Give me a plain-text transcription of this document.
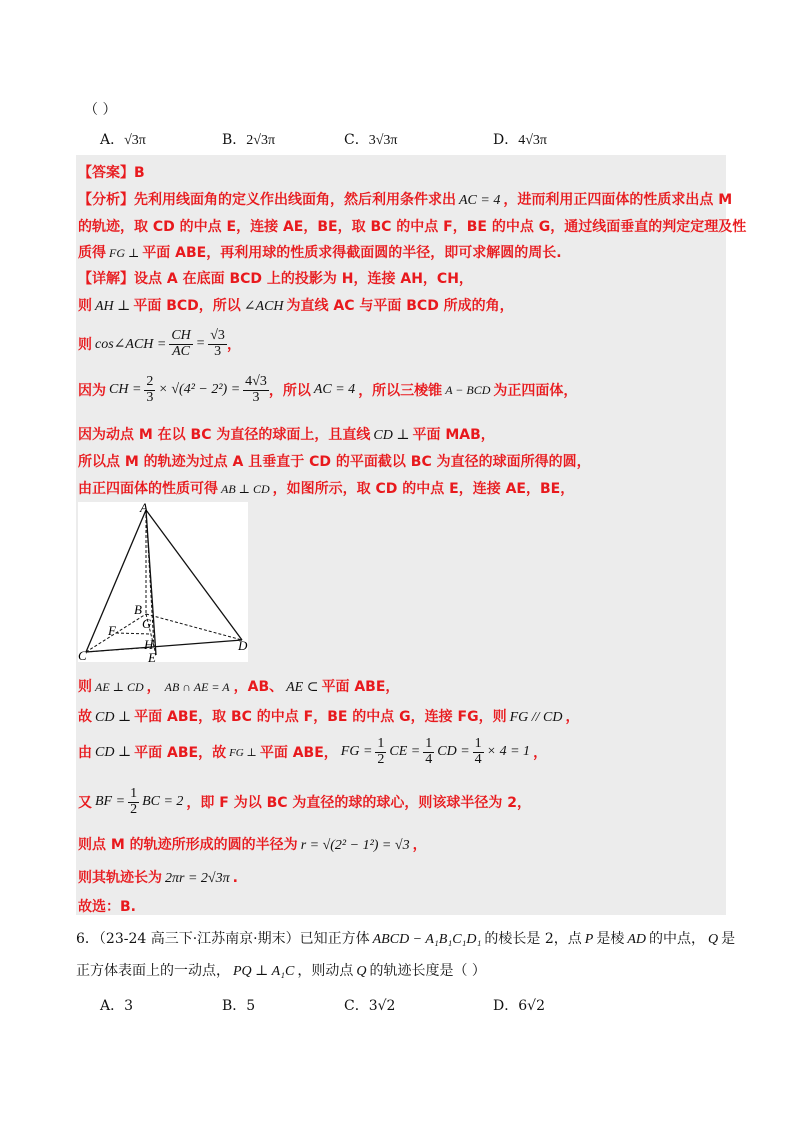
（ ）
A．√3π	B．2√3π	C．3√3π	D．4√3π
【答案】B
【分析】先利用线面角的定义作出线面角，然后利用条件求出 AC = 4 ，进而利用正四面体的性质求出点 M
的轨迹，取 CD 的中点 E，连接 AE，BE，取 BC 的中点 F，BE 的中点 G，通过线面垂直的判定定理及性
质得 FG ⊥ 平面 ABE，再利用球的性质求得截面圆的半径，即可求解圆的周长.
【详解】设点 A 在底面 BCD 上的投影为 H，连接 AH，CH，
则 AH ⊥ 平面 BCD，所以 ∠ACH 为直线 AC 与平面 BCD 所成的角，
则 cos∠ACH = $\frac{CH}{AC} = \frac{√3}{3}$ ，
因为 CH = $\frac{2}{3} \times √(4^2 - 2^2) = \frac{4√3}{3}$ ，所以 AC = 4 ，所以三棱锥 A − BCD 为正四面体，
因为动点 M 在以 BC 为直径的球面上，且直线 CD ⊥ 平面 MAB，
所以点 M 的轨迹为过点 A 且垂直于 CD 的平面截以 BC 为直径的球面所得的圆，
由正四面体的性质可得 AB ⊥ CD ，如图所示，取 CD 的中点 E，连接 AE，BE，
A
B
C
D
E
F G
H
则 AE ⊥ CD ， AB ∩ AE = A ，AB、 AE ⊂ 平面 ABE，
故 CD ⊥ 平面 ABE，取 BC 的中点 F，BE 的中点 G，连接 FG，则 FG // CD ，
由 CD ⊥ 平面 ABE，故 FG ⊥ 平面 ABE， FG = $\frac{1}{2}$ CE = $\frac{1}{4}$ CD = $\frac{1}{4} \times 4 = 1$ ，
又 BF = $\frac{1}{2}$ BC = 2 ，即 F 为以 BC 为直径的球的球心，则该球半径为 2，
则点 M 的轨迹所形成的圆的半径为 r = √(2² − 1²) = √3 ，
则其轨迹长为 2πr = 2√3π .
故选：B.
6．（23-24 高三下·江苏南京·期末）已知正方体 ABCD − A₁B₁C₁D₁ 的棱长是 2，点 P 是棱 AD 的中点， Q 是
正方体表面上的一动点， PQ ⊥ A₁C ，则动点 Q 的轨迹长度是（ ）
A．3	B．5	C．3√2	D．6√2
